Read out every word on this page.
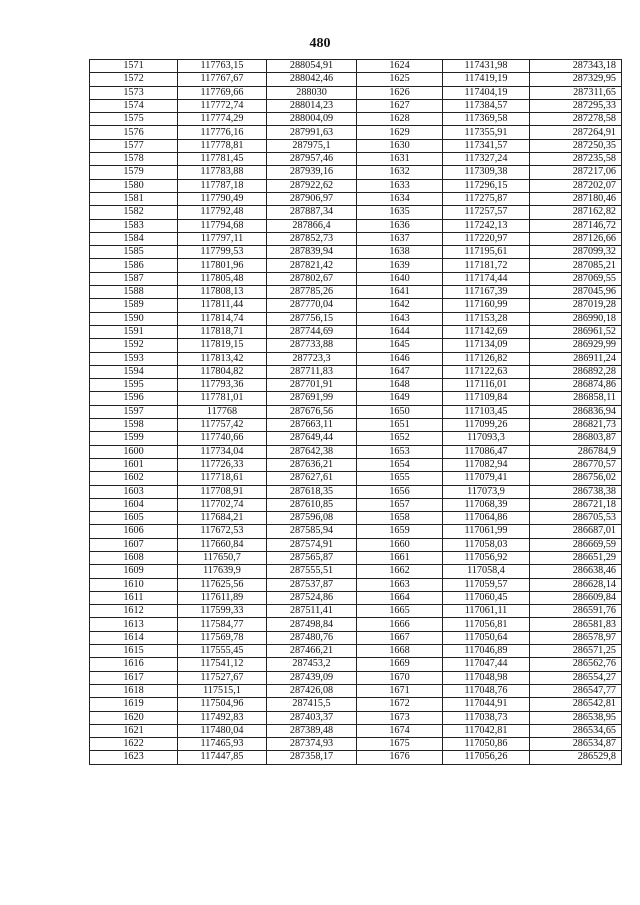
480
1571	117763,15	288054,91	1624	117431,98	287343,18
1572	117767,67	288042,46	1625	117419,19	287329,95
1573	117769,66	288030	1626	117404,19	287311,65
1574	117772,74	288014,23	1627	117384,57	287295,33
1575	117774,29	288004,09	1628	117369,58	287278,58
1576	117776,16	287991,63	1629	117355,91	287264,91
1577	117778,81	287975,1	1630	117341,57	287250,35
1578	117781,45	287957,46	1631	117327,24	287235,58
1579	117783,88	287939,16	1632	117309,38	287217,06
1580	117787,18	287922,62	1633	117296,15	287202,07
1581	117790,49	287906,97	1634	117275,87	287180,46
1582	117792,48	287887,34	1635	117257,57	287162,82
1583	117794,68	287866,4	1636	117242,13	287146,72
1584	117797,11	287852,73	1637	117220,97	287126,66
1585	117799,53	287839,94	1638	117195,61	287099,32
1586	117801,96	287821,42	1639	117181,72	287085,21
1587	117805,48	287802,67	1640	117174,44	287069,55
1588	117808,13	287785,26	1641	117167,39	287045,96
1589	117811,44	287770,04	1642	117160,99	287019,28
1590	117814,74	287756,15	1643	117153,28	286990,18
1591	117818,71	287744,69	1644	117142,69	286961,52
1592	117819,15	287733,88	1645	117134,09	286929,99
1593	117813,42	287723,3	1646	117126,82	286911,24
1594	117804,82	287711,83	1647	117122,63	286892,28
1595	117793,36	287701,91	1648	117116,01	286874,86
1596	117781,01	287691,99	1649	117109,84	286858,11
1597	117768	287676,56	1650	117103,45	286836,94
1598	117757,42	287663,11	1651	117099,26	286821,73
1599	117740,66	287649,44	1652	117093,3	286803,87
1600	117734,04	287642,38	1653	117086,47	286784,9
1601	117726,33	287636,21	1654	117082,94	286770,57
1602	117718,61	287627,61	1655	117079,41	286756,02
1603	117708,91	287618,35	1656	117073,9	286738,38
1604	117702,74	287610,85	1657	117068,39	286721,18
1605	117684,21	287596,08	1658	117064,86	286705,53
1606	117672,53	287585,94	1659	117061,99	286687,01
1607	117660,84	287574,91	1660	117058,03	286669,59
1608	117650,7	287565,87	1661	117056,92	286651,29
1609	117639,9	287555,51	1662	117058,4	286638,46
1610	117625,56	287537,87	1663	117059,57	286628,14
1611	117611,89	287524,86	1664	117060,45	286609,84
1612	117599,33	287511,41	1665	117061,11	286591,76
1613	117584,77	287498,84	1666	117056,81	286581,83
1614	117569,78	287480,76	1667	117050,64	286578,97
1615	117555,45	287466,21	1668	117046,89	286571,25
1616	117541,12	287453,2	1669	117047,44	286562,76
1617	117527,67	287439,09	1670	117048,98	286554,27
1618	117515,1	287426,08	1671	117048,76	286547,77
1619	117504,96	287415,5	1672	117044,91	286542,81
1620	117492,83	287403,37	1673	117038,73	286538,95
1621	117480,04	287389,48	1674	117042,81	286534,65
1622	117465,93	287374,93	1675	117050,86	286534,87
1623	117447,85	287358,17	1676	117056,26	286529,8
